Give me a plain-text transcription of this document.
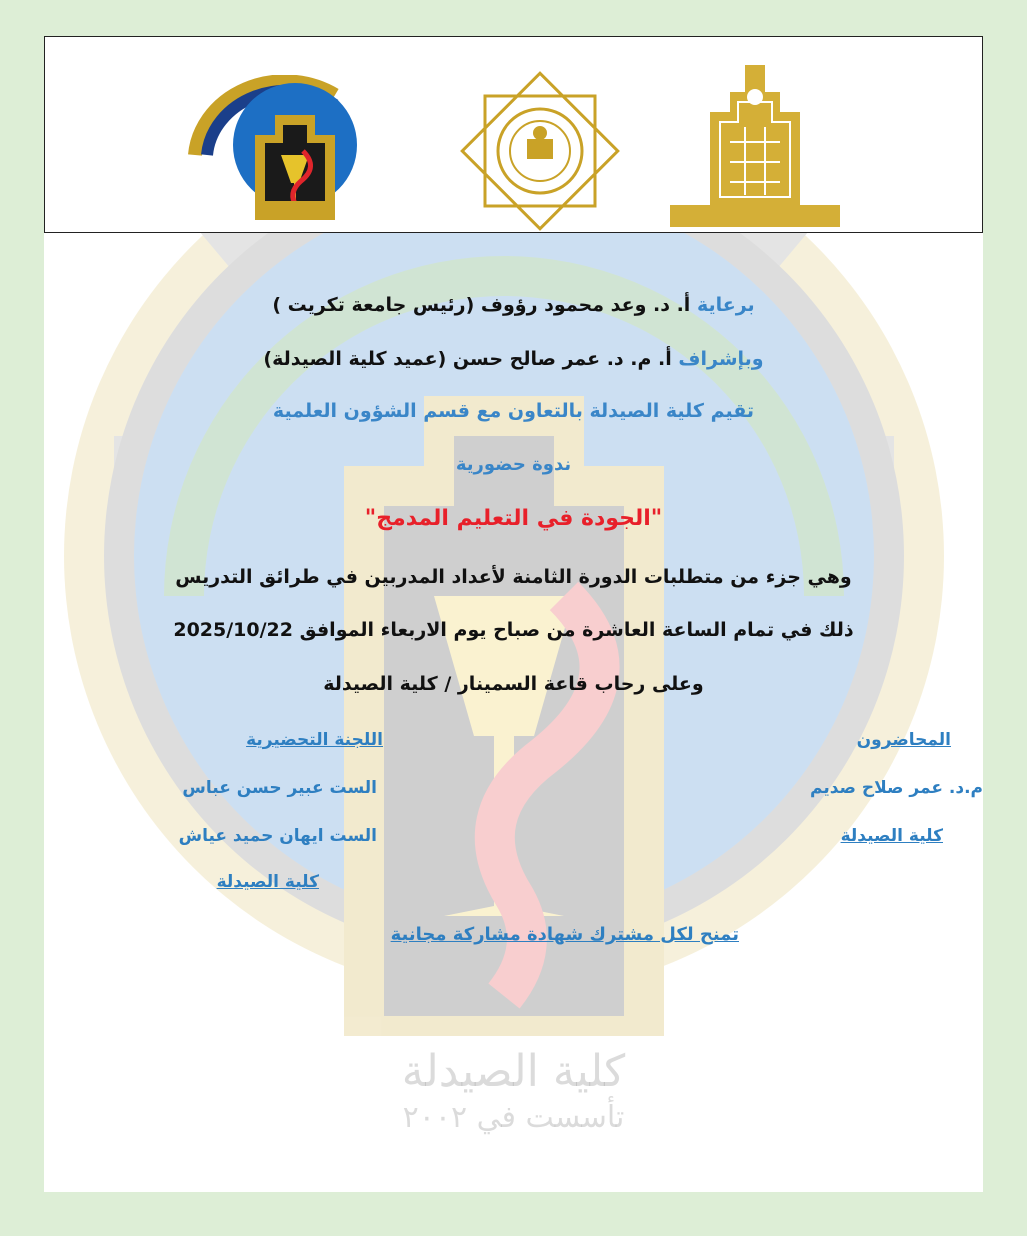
برعاية أ. د. وعد محمود رؤوف (رئيس جامعة تكريت )
وبإشراف أ. م. د. عمر صالح حسن (عميد كلية الصيدلة)
تقيم كلية الصيدلة بالتعاون مع قسم الشؤون العلمية
ندوة حضورية
"الجودة في التعليم المدمج"
وهي جزء من متطلبات الدورة الثامنة لأعداد المدربين في طرائق التدريس
ذلك في تمام الساعة العاشرة من صباح يوم الاربعاء الموافق 2025/10/22
وعلى رحاب قاعة السمينار / كلية الصيدلة
المحاضرون
م.د. عمر صلاح صديم
كلية الصيدلة
اللجنة التحضيرية
الست عبير حسن عباس
الست ايهان حميد عياش
كلية الصيدلة
تمنح لكل مشترك شهادة مشاركة مجانية
كلية الصيدلة
تأسست في ٢٠٠٢
